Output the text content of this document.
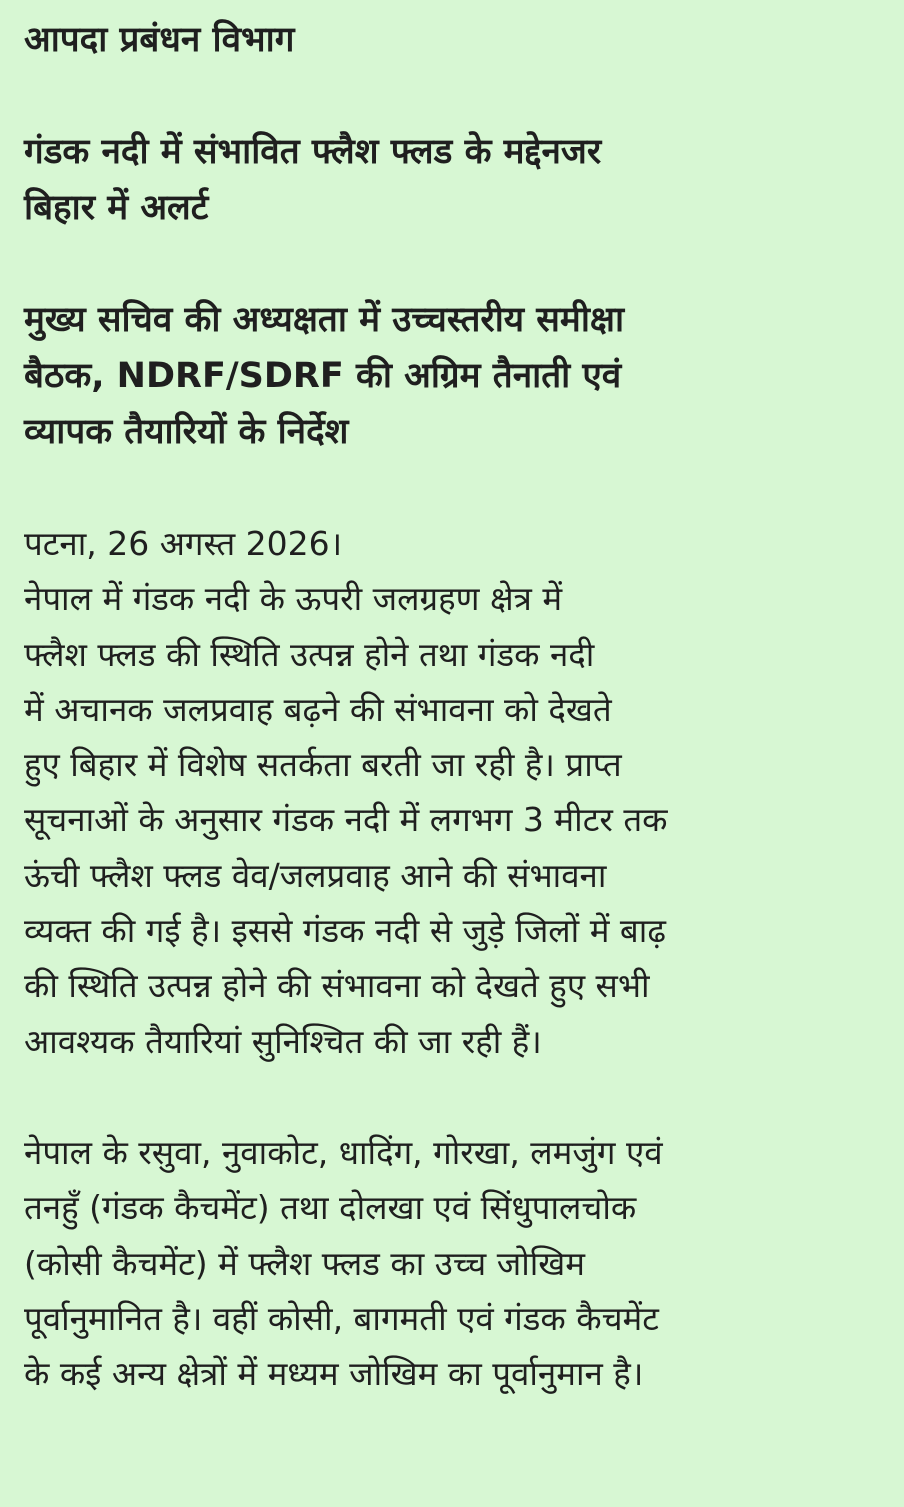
आपदा प्रबंधन विभाग
गंडक नदी में संभावित फ्लैश फ्लड के मद्देनजर
बिहार में अलर्ट
मुख्य सचिव की अध्यक्षता में उच्चस्तरीय समीक्षा
बैठक, NDRF/SDRF की अग्रिम तैनाती एवं
व्यापक तैयारियों के निर्देश
पटना, 26 अगस्त 2026।
नेपाल में गंडक नदी के ऊपरी जलग्रहण क्षेत्र में
फ्लैश फ्लड की स्थिति उत्पन्न होने तथा गंडक नदी
में अचानक जलप्रवाह बढ़ने की संभावना को देखते
हुए बिहार में विशेष सतर्कता बरती जा रही है। प्राप्त
सूचनाओं के अनुसार गंडक नदी में लगभग 3 मीटर तक
ऊंची फ्लैश फ्लड वेव/जलप्रवाह आने की संभावना
व्यक्त की गई है। इससे गंडक नदी से जुड़े जिलों में बाढ़
की स्थिति उत्पन्न होने की संभावना को देखते हुए सभी
आवश्यक तैयारियां सुनिश्चित की जा रही हैं।
नेपाल के रसुवा, नुवाकोट, धादिंग, गोरखा, लमजुंग एवं
तनहुँ (गंडक कैचमेंट) तथा दोलखा एवं सिंधुपालचोक
(कोसी कैचमेंट) में फ्लैश फ्लड का उच्च जोखिम
पूर्वानुमानित है। वहीं कोसी, बागमती एवं गंडक कैचमेंट
के कई अन्य क्षेत्रों में मध्यम जोखिम का पूर्वानुमान है।
